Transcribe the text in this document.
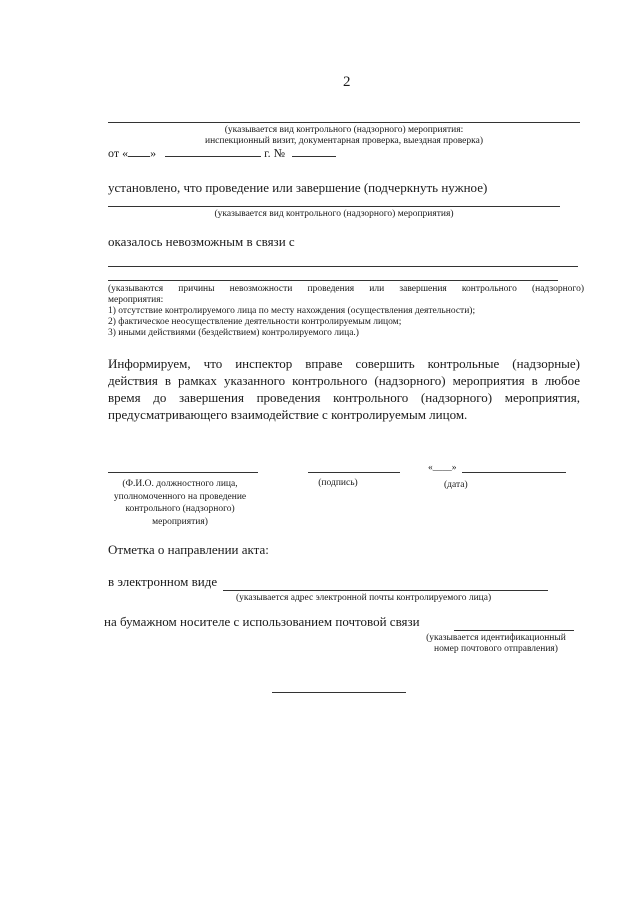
2
(указывается вид контрольного (надзорного) мероприятия:
инспекционный визит, документарная проверка, выездная проверка)
от « »	г. №
установлено, что проведение или завершение (подчеркнуть нужное)
(указывается вид контрольного (надзорного) мероприятия)
оказалось невозможным в связи с
(указываются причины невозможности проведения или завершения контрольного (надзорного)
мероприятия:
1) отсутствие контролируемого лица по месту нахождения (осуществления деятельности);
2) фактическое неосуществление деятельности контролируемым лицом;
3) иными действиями (бездействием) контролируемого лица.)
Информируем, что инспектор вправе совершить контрольные (надзорные)
действия в рамках указанного контрольного (надзорного) мероприятия в любое
время до завершения проведения контрольного (надзорного) мероприятия,
предусматривающего взаимодействие с контролируемым лицом.
(Ф.И.О. должностного лица,
уполномоченного на проведение
контрольного (надзорного)
мероприятия)
(подпись)
«____»
(дата)
Отметка о направлении акта:
в электронном виде
(указывается адрес электронной почты контролируемого лица)
на бумажном носителе с использованием почтовой связи
(указывается идентификационный
номер почтового отправления)
